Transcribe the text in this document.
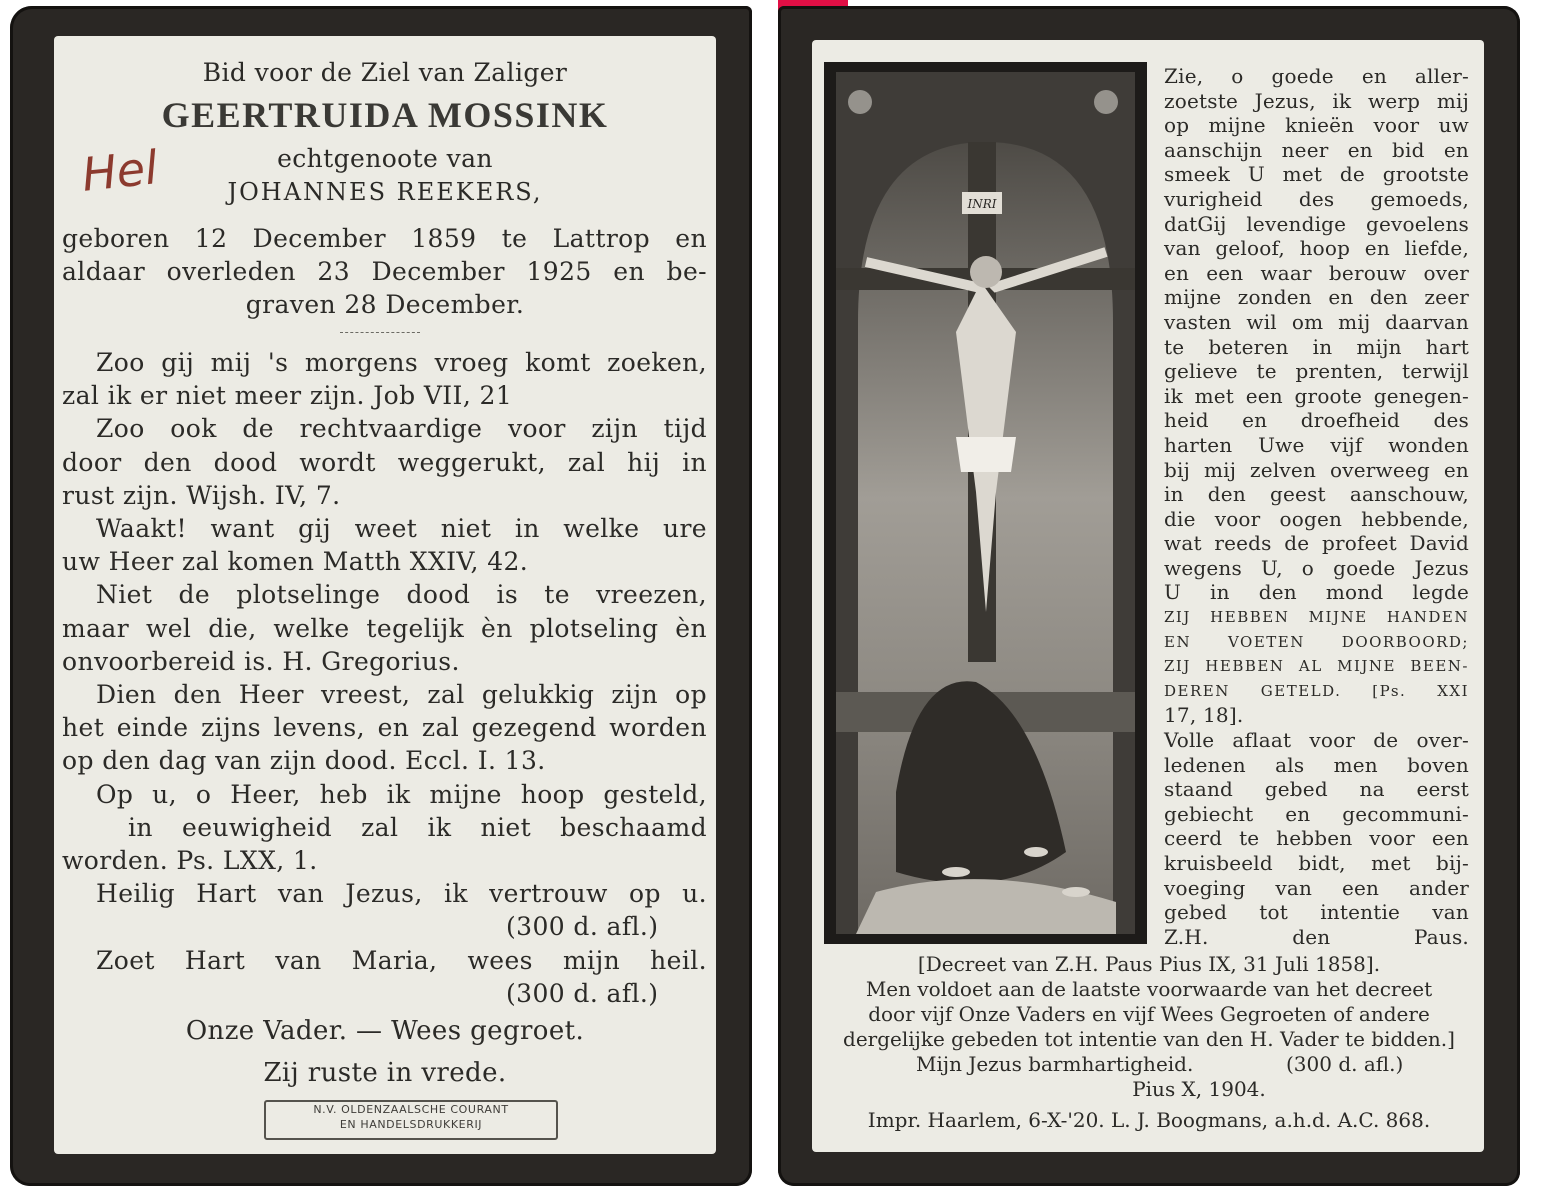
Bid voor de Ziel van Zaliger
GEERTRUIDA MOSSINK
echtgenoote van
Hel	JOHANNES REEKERS,
geboren 12 December 1859 te Lattrop en
aldaar overleden 23 December 1925 en be-
graven 28 December.
Zoo gij mij 's morgens vroeg komt zoeken,
zal ik er niet meer zijn. Job VII, 21
Zoo ook de rechtvaardige voor zijn tijd
door den dood wordt weggerukt, zal hij in
rust zijn. Wijsh. IV, 7.
Waakt! want gij weet niet in welke ure
uw Heer zal komen Matth XXIV, 42.
Niet de plotselinge dood is te vreezen,
maar wel die, welke tegelijk èn plotseling èn
onvoorbereid is. H. Gregorius.
Dien den Heer vreest, zal gelukkig zijn op
het einde zijns levens, en zal gezegend worden
op den dag van zijn dood. Eccl. I. 13.
Op u, o Heer, heb ik mijne hoop gesteld,
in eeuwigheid zal ik niet beschaamd
worden. Ps. LXX, 1.
Heilig Hart van Jezus, ik vertrouw op u.
(300 d. afl.)
Zoet Hart van Maria, wees mijn heil.
(300 d. afl.)
Onze Vader. — Wees gegroet.
Zij ruste in vrede.
N.V. OLDENZAALSCHE COURANT
EN HANDELSDRUKKERIJ
INRI
Zie, o goede en aller-
zoetste Jezus, ik werp mij
op mijne knieën voor uw
aanschijn neer en bid en
smeek U met de grootste
vurigheid des gemoeds,
datGij levendige gevoelens
van geloof, hoop en liefde,
en een waar berouw over
mijne zonden en den zeer
vasten wil om mij daarvan
te beteren in mijn hart
gelieve te prenten, terwijl
ik met een groote genegen-
heid en droefheid des
harten Uwe vijf wonden
bij mij zelven overweeg en
in den geest aanschouw,
die voor oogen hebbende,
wat reeds de profeet David
wegens U, o goede Jezus
U in den mond legde
ZIJ HEBBEN MIJNE HANDEN
EN VOETEN DOORBOORD;
ZIJ HEBBEN AL MIJNE BEEN-
DEREN GETELD. [Ps. XXI
17, 18].
Volle aflaat voor de over-
ledenen als men boven
staand gebed na eerst
gebiecht en gecommuni-
ceerd te hebben voor een
kruisbeeld bidt, met bij-
voeging van een ander
gebed tot intentie van
Z.H. den Paus.
[Decreet van Z.H. Paus Pius IX, 31 Juli 1858].
Men voldoet aan de laatste voorwaarde van het decreet
door vijf Onze Vaders en vijf Wees Gegroeten of andere
dergelijke gebeden tot intentie van den H. Vader te bidden.]
Mijn Jezus barmhartigheid.	(300 d. afl.)
Pius X, 1904.
Impr. Haarlem, 6-X-'20. L. J. Boogmans, a.h.d. A.C. 868.
